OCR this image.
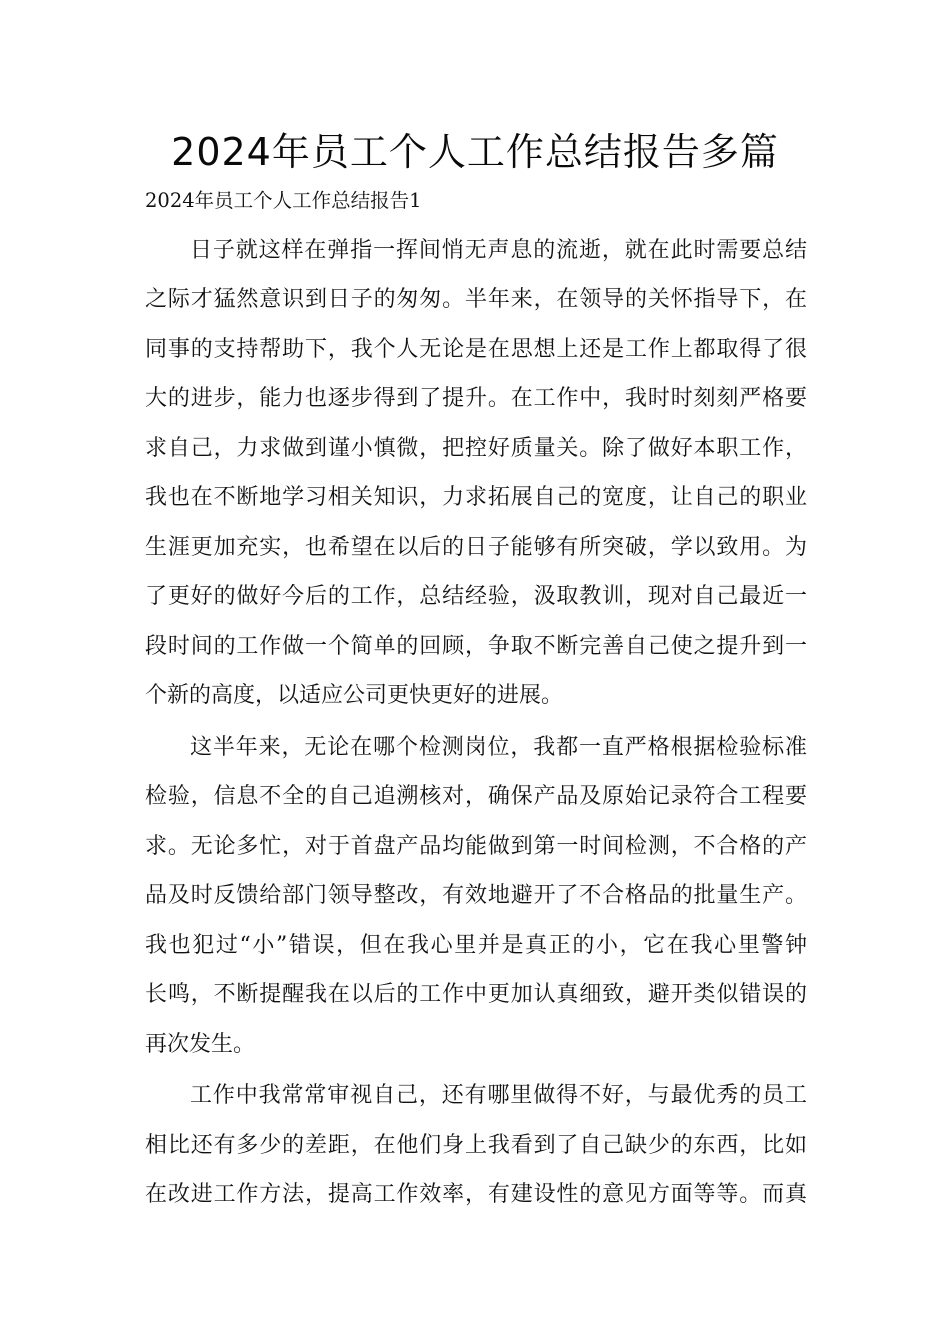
2024年员工个人工作总结报告多篇

2024年员工个人工作总结报告1

日子就这样在弹指一挥间悄无声息的流逝，就在此时需要总结

之际才猛然意识到日子的匆匆。半年来，在领导的关怀指导下，在

同事的支持帮助下，我个人无论是在思想上还是工作上都取得了很

大的进步，能力也逐步得到了提升。在工作中，我时时刻刻严格要

求自己，力求做到谨小慎微，把控好质量关。除了做好本职工作，

我也在不断地学习相关知识，力求拓展自己的宽度，让自己的职业

生涯更加充实，也希望在以后的日子能够有所突破，学以致用。为

了更好的做好今后的工作，总结经验，汲取教训，现对自己最近一

段时间的工作做一个简单的回顾，争取不断完善自己使之提升到一

个新的高度，以适应公司更快更好的进展。

这半年来，无论在哪个检测岗位，我都一直严格根据检验标准

检验，信息不全的自己追溯核对，确保产品及原始记录符合工程要

求。无论多忙，对于首盘产品均能做到第一时间检测，不合格的产

品及时反馈给部门领导整改，有效地避开了不合格品的批量生产。

我也犯过“小”错误，但在我心里并是真正的小，它在我心里警钟

长鸣，不断提醒我在以后的工作中更加认真细致，避开类似错误的

再次发生。

工作中我常常审视自己，还有哪里做得不好，与最优秀的员工

相比还有多少的差距，在他们身上我看到了自己缺少的东西，比如

在改进工作方法，提高工作效率，有建设性的意见方面等等。而真
